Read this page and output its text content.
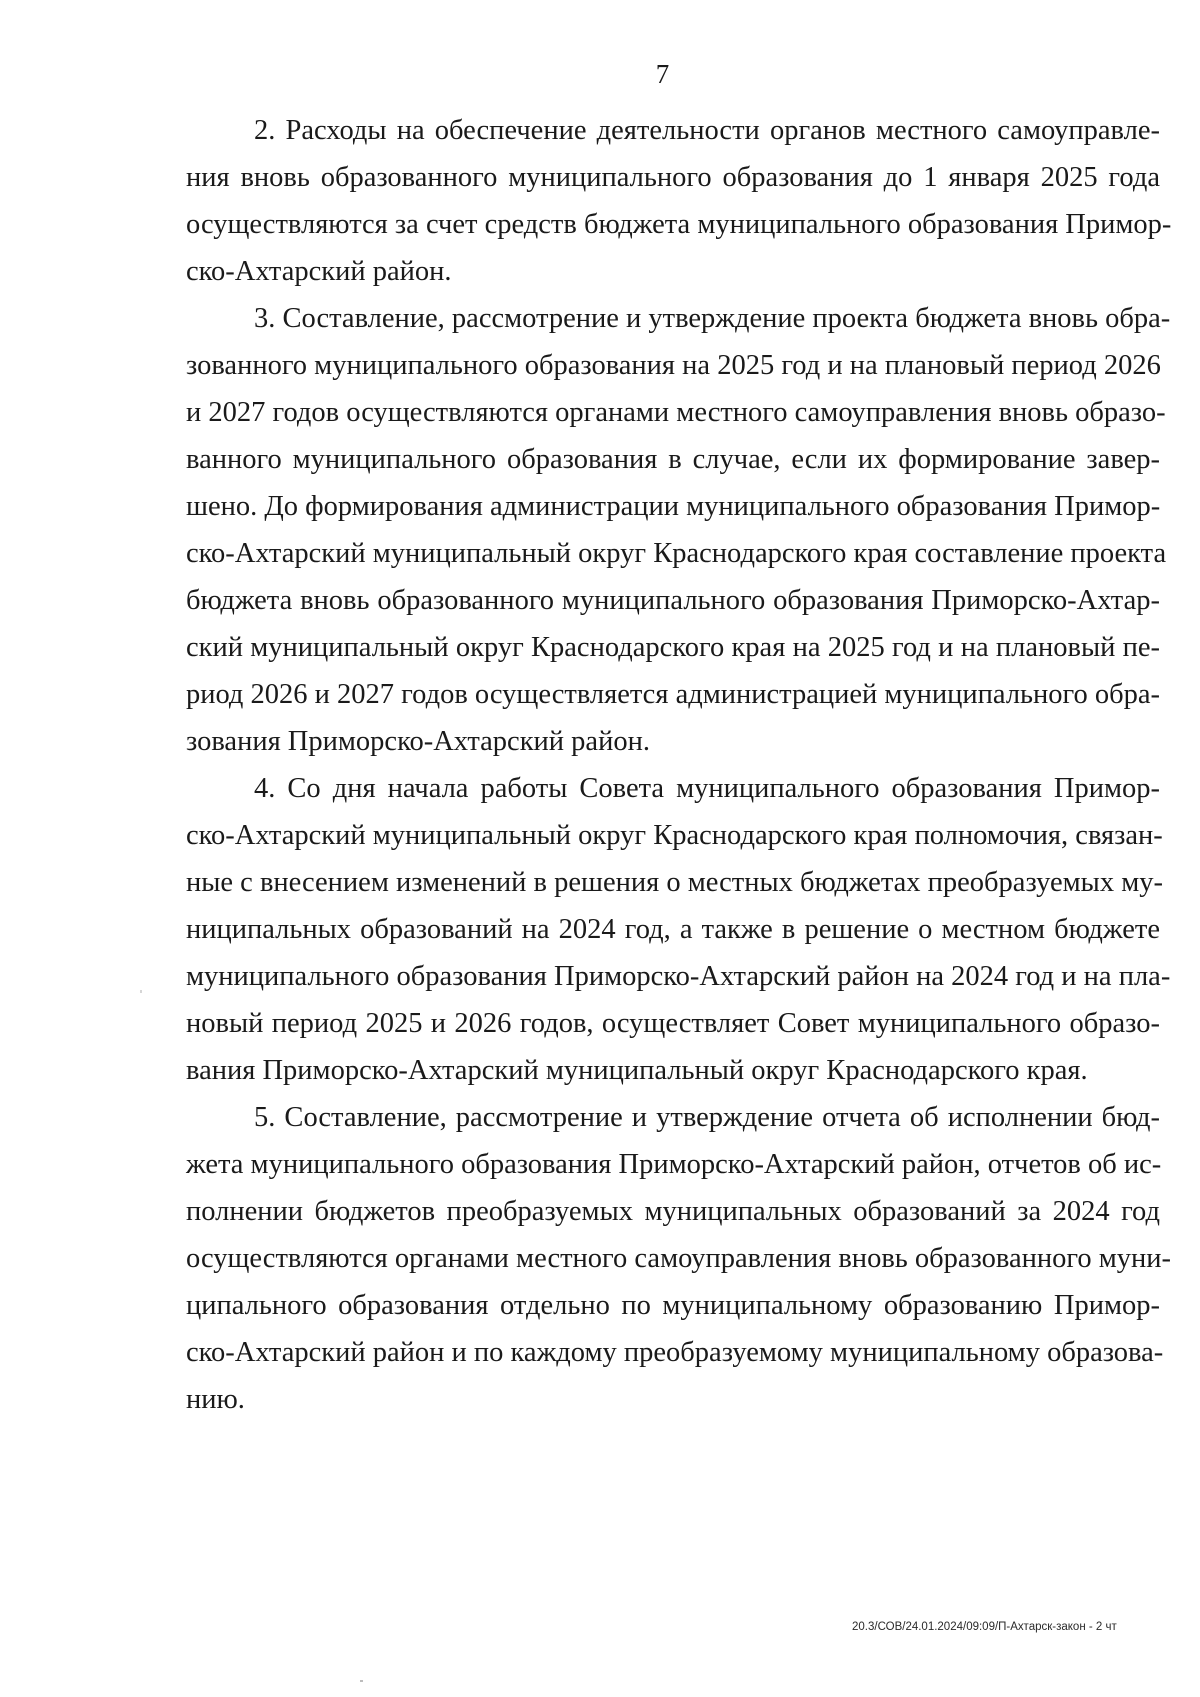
7
2. Расходы на обеспечение деятельности органов местного самоуправле-
ния вновь образованного муниципального образования до 1 января 2025 года
осуществляются за счет средств бюджета муниципального образования Примор-
ско-Ахтарский район.
3. Составление, рассмотрение и утверждение проекта бюджета вновь обра-
зованного муниципального образования на 2025 год и на плановый период 2026
и 2027 годов осуществляются органами местного самоуправления вновь образо-
ванного муниципального образования в случае, если их формирование завер-
шено. До формирования администрации муниципального образования Примор-
ско-Ахтарский муниципальный округ Краснодарского края составление проекта
бюджета вновь образованного муниципального образования Приморско-Ахтар-
ский муниципальный округ Краснодарского края на 2025 год и на плановый пе-
риод 2026 и 2027 годов осуществляется администрацией муниципального обра-
зования Приморско-Ахтарский район.
4. Со дня начала работы Совета муниципального образования Примор-
ско-Ахтарский муниципальный округ Краснодарского края полномочия, связан-
ные с внесением изменений в решения о местных бюджетах преобразуемых му-
ниципальных образований на 2024 год, а также в решение о местном бюджете
муниципального образования Приморско-Ахтарский район на 2024 год и на пла-
новый период 2025 и 2026 годов, осуществляет Совет муниципального образо-
вания Приморско-Ахтарский муниципальный округ Краснодарского края.
5. Составление, рассмотрение и утверждение отчета об исполнении бюд-
жета муниципального образования Приморско-Ахтарский район, отчетов об ис-
полнении бюджетов преобразуемых муниципальных образований за 2024 год
осуществляются органами местного самоуправления вновь образованного муни-
ципального образования отдельно по муниципальному образованию Примор-
ско-Ахтарский район и по каждому преобразуемому муниципальному образова-
нию.
20.3/СОВ/24.01.2024/09:09/П-Ахтарск-закон - 2 чт
